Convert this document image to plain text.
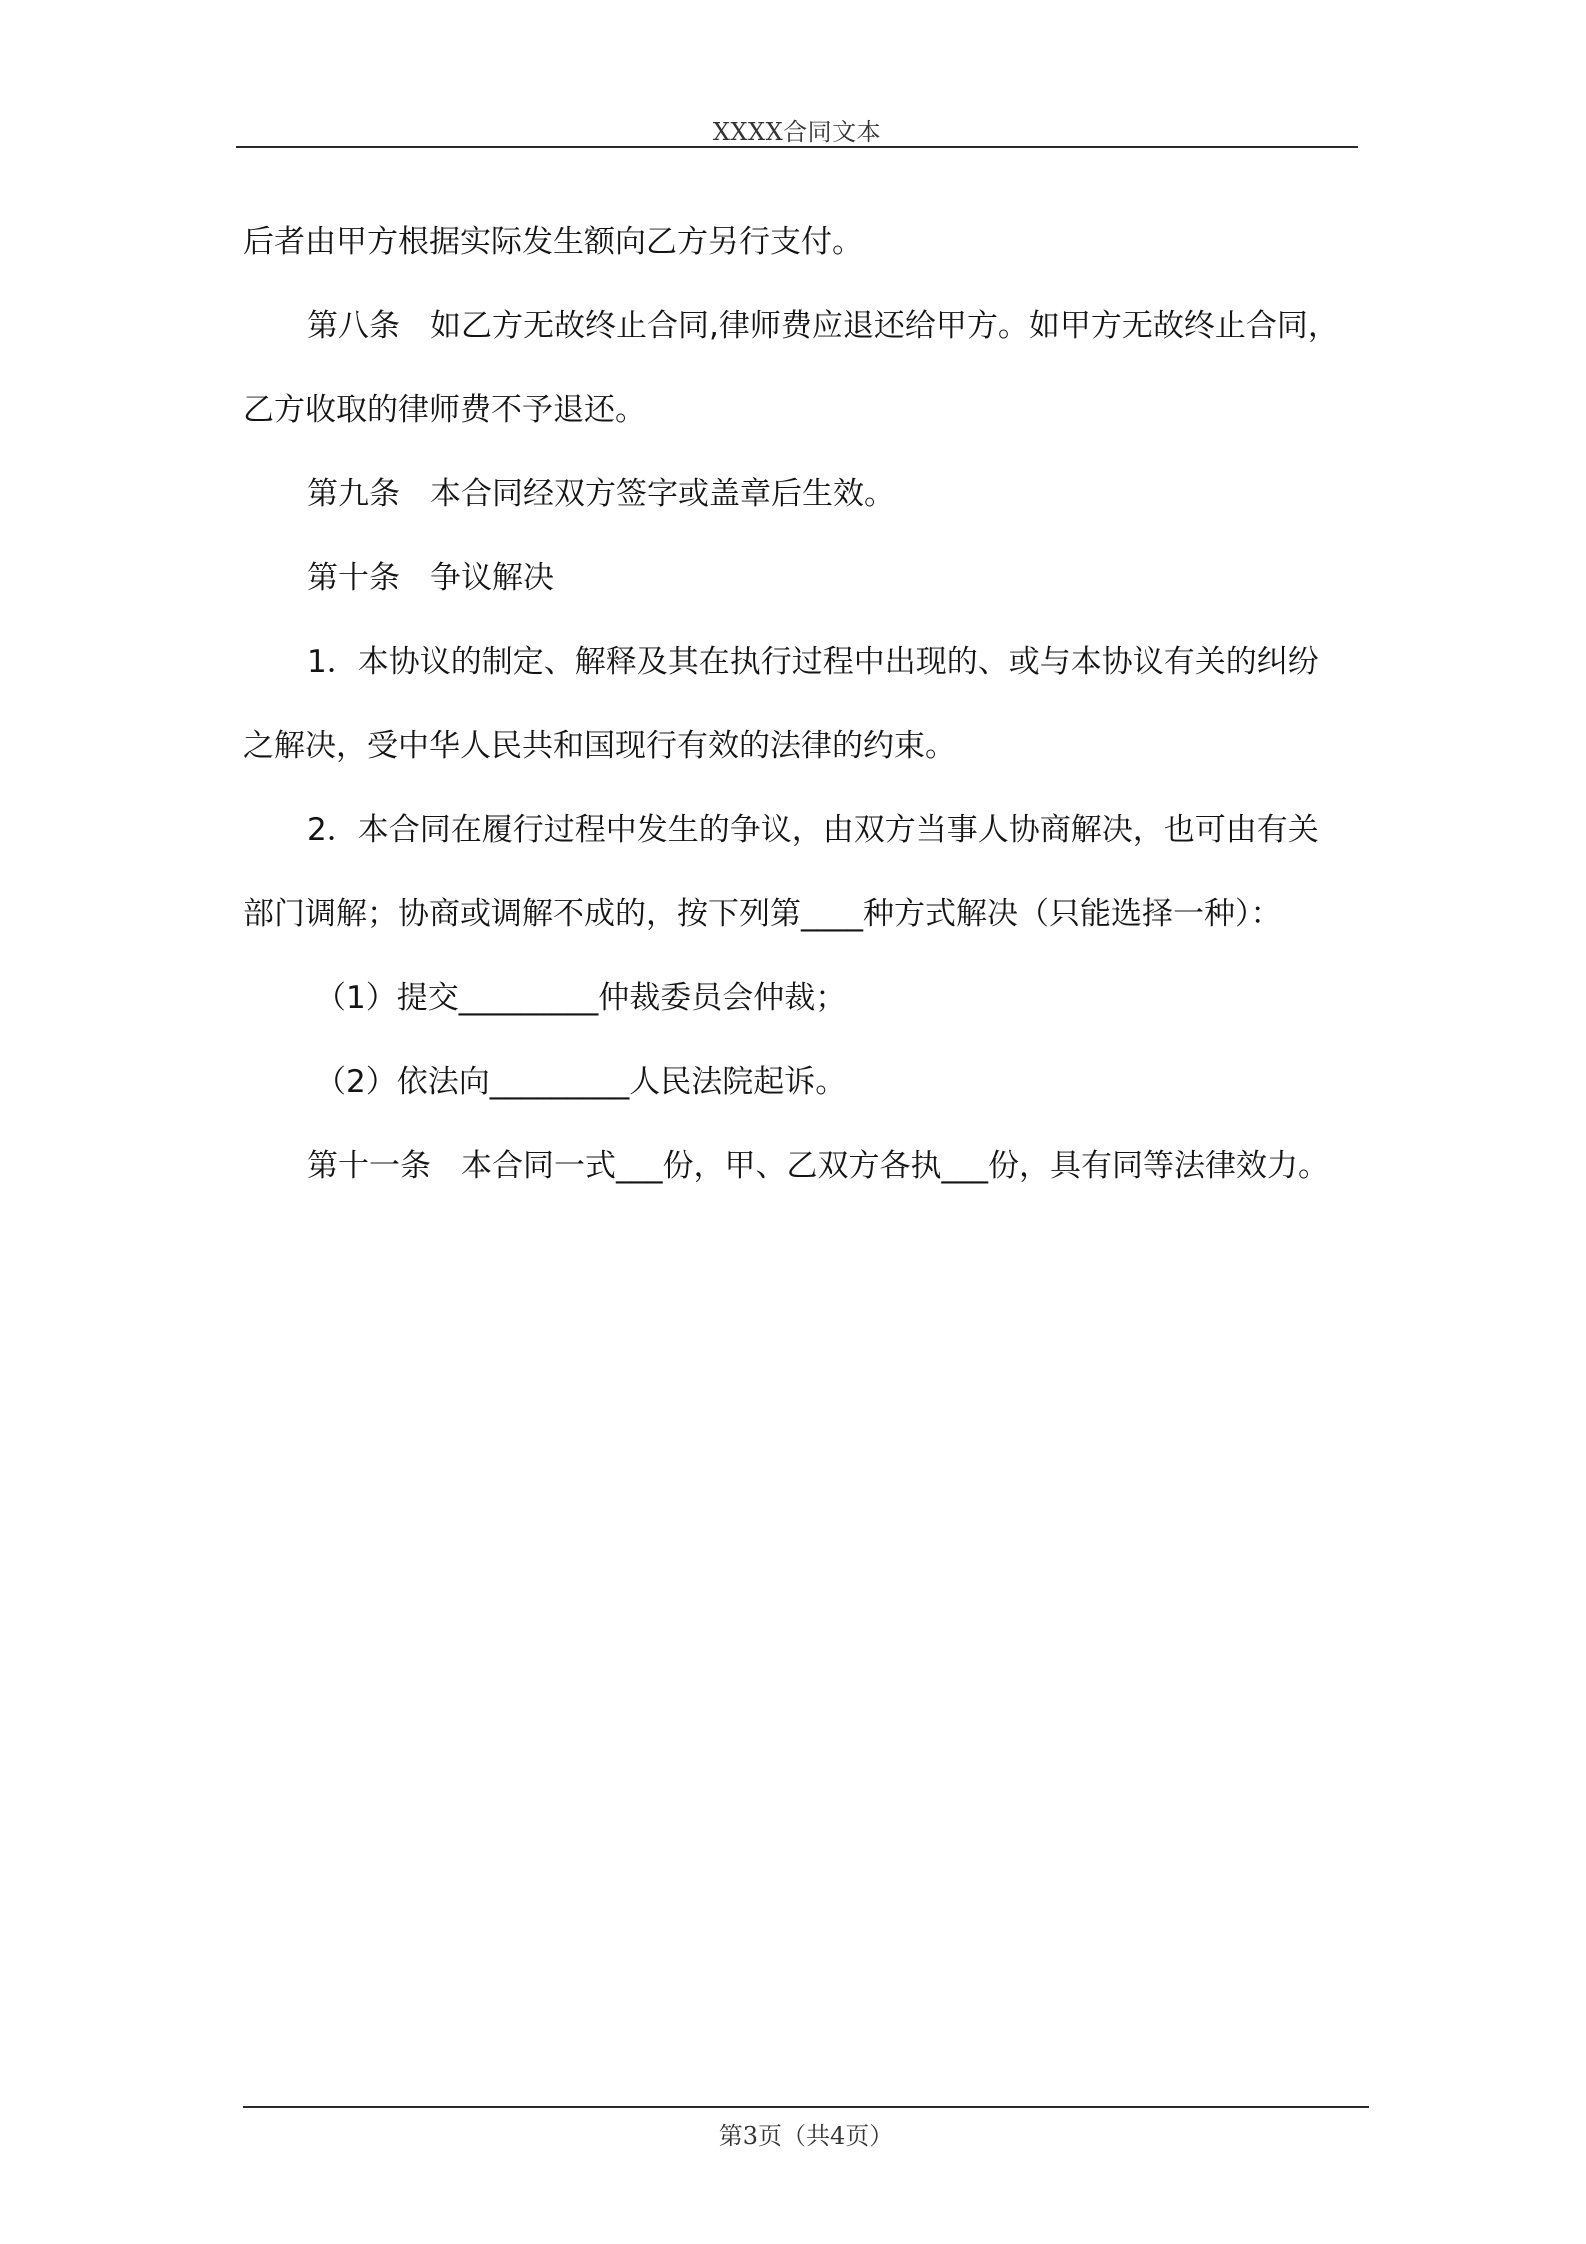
XXXX合同文本

后者由甲方根据实际发生额向乙方另行支付。

第八条 如乙方无故终止合同,律师费应退还给甲方。如甲方无故终止合同，

乙方收取的律师费不予退还。

第九条 本合同经双方签字或盖章后生效。

第十条 争议解决

1．本协议的制定、解释及其在执行过程中出现的、或与本协议有关的纠纷

之解决，受中华人民共和国现行有效的法律的约束。

2．本合同在履行过程中发生的争议，由双方当事人协商解决，也可由有关

部门调解；协商或调解不成的，按下列第____种方式解决（只能选择一种）：

（1）提交_________仲裁委员会仲裁；

（2）依法向_________人民法院起诉。

第十一条 本合同一式___份，甲、乙双方各执___份，具有同等法律效力。

第3页（共4页）
